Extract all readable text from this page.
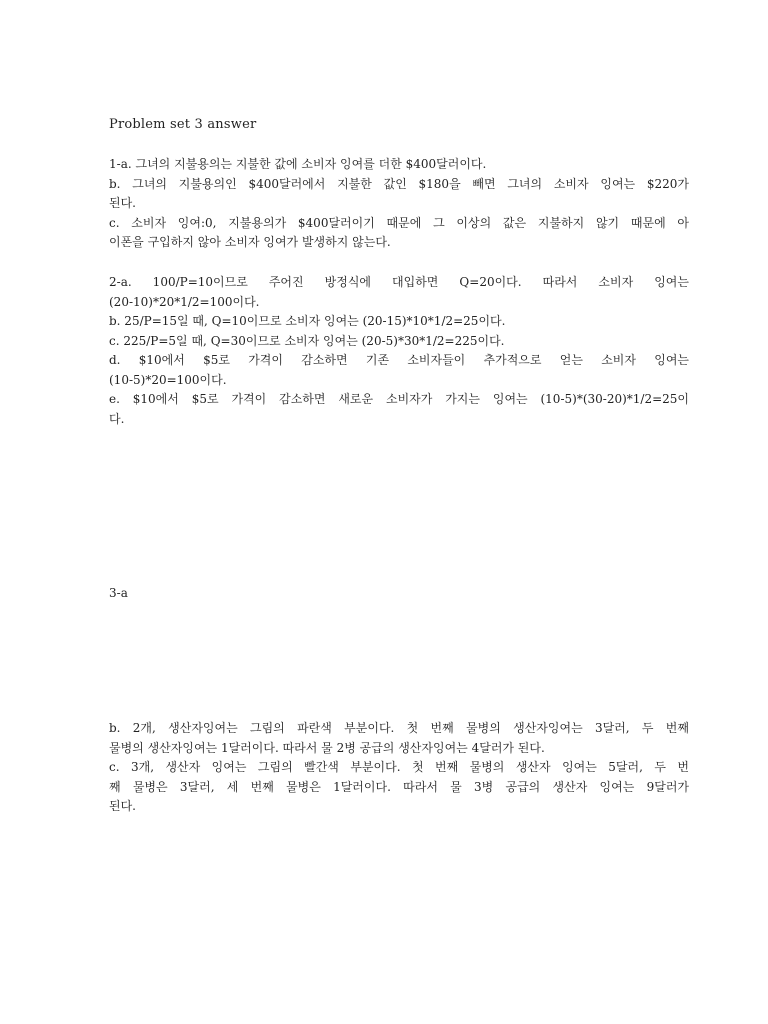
Problem set 3 answer

1-a. 그녀의 지불용의는 지불한 값에 소비자 잉여를 더한 $400달러이다.

b. 그녀의 지불용의인 $400달러에서 지불한 값인 $180을 빼면 그녀의 소비자 잉여는 $220가

된다.

c. 소비자 잉여:0, 지불용의가 $400달러이기 때문에 그 이상의 값은 지불하지 않기 때문에 아

이폰을 구입하지 않아 소비자 잉여가 발생하지 않는다.

2-a. 100/P=10이므로 주어진 방정식에 대입하면 Q=20이다. 따라서 소비자 잉여는

(20-10)*20*1/2=100이다.

b. 25/P=15일 때, Q=10이므로 소비자 잉여는 (20-15)*10*1/2=25이다.

c. 225/P=5일 때, Q=30이므로 소비자 잉여는 (20-5)*30*1/2=225이다.

d. $10에서 $5로 가격이 감소하면 기존 소비자들이 추가적으로 얻는 소비자 잉여는

(10-5)*20=100이다.

e. $10에서 $5로 가격이 감소하면 새로운 소비자가 가지는 잉여는 (10-5)*(30-20)*1/2=25이

다.

3-a

b. 2개, 생산자잉여는 그림의 파란색 부분이다. 첫 번째 물병의 생산자잉여는 3달러, 두 번째

물병의 생산자잉여는 1달러이다. 따라서 물 2병 공급의 생산자잉여는 4달러가 된다.

c. 3개, 생산자 잉여는 그림의 빨간색 부분이다. 첫 번째 물병의 생산자 잉여는 5달러, 두 번

째 물병은 3달러, 세 번째 물병은 1달러이다. 따라서 물 3병 공급의 생산자 잉여는 9달러가

된다.
